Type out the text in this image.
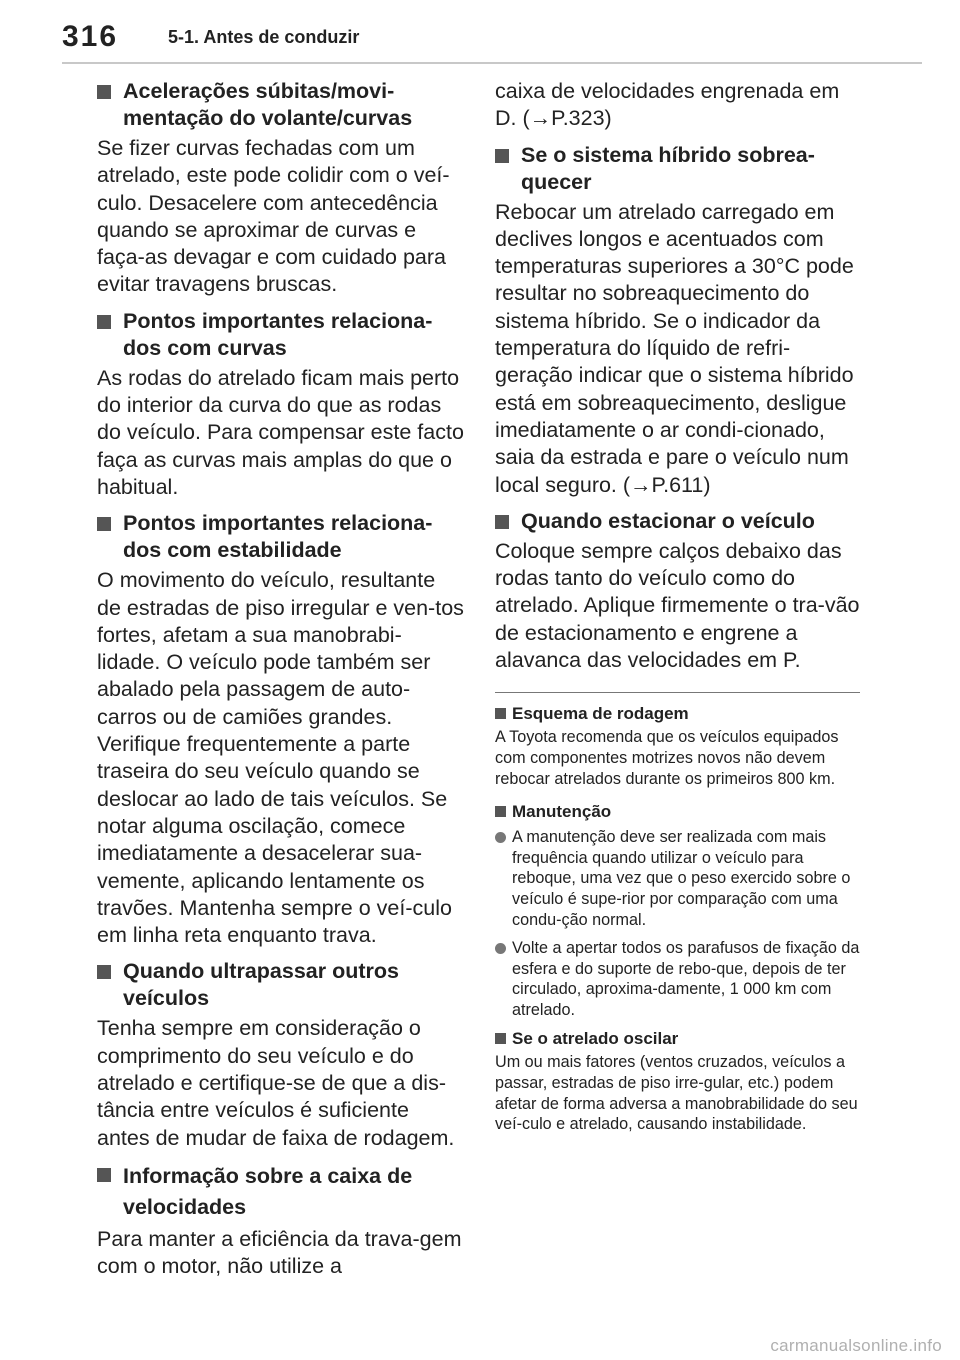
316	5-1. Antes de conduzir
Acelerações súbitas/movi-mentação do volante/curvas
Se fizer curvas fechadas com um atrelado, este pode colidir com o veí-culo. Desacelere com antecedência quando se aproximar de curvas e faça-as devagar e com cuidado para evitar travagens bruscas.
Pontos importantes relaciona-dos com curvas
As rodas do atrelado ficam mais perto do interior da curva do que as rodas do veículo. Para compensar este facto faça as curvas mais amplas do que o habitual.
Pontos importantes relaciona-dos com estabilidade
O movimento do veículo, resultante de estradas de piso irregular e ven-tos fortes, afetam a sua manobrabi-lidade. O veículo pode também ser abalado pela passagem de auto-carros ou de camiões grandes. Verifique frequentemente a parte traseira do seu veículo quando se deslocar ao lado de tais veículos. Se notar alguma oscilação, comece imediatamente a desacelerar sua-vemente, aplicando lentamente os travões. Mantenha sempre o veí-culo em linha reta enquanto trava.
Quando ultrapassar outros veículos
Tenha sempre em consideração o comprimento do seu veículo e do atrelado e certifique-se de que a dis-tância entre veículos é suficiente antes de mudar de faixa de rodagem.
Informação sobre a caixa de velocidades
Para manter a eficiência da trava-gem com o motor, não utilize a
caixa de velocidades engrenada em D. (→P.323)
Se o sistema híbrido sobrea-quecer
Rebocar um atrelado carregado em declives longos e acentuados com temperaturas superiores a 30°C pode resultar no sobreaquecimento do sistema híbrido. Se o indicador da temperatura do líquido de refri-geração indicar que o sistema híbrido está em sobreaquecimento, desligue imediatamente o ar condi-cionado, saia da estrada e pare o veículo num local seguro. (→P.611)
Quando estacionar o veículo
Coloque sempre calços debaixo das rodas tanto do veículo como do atrelado. Aplique firmemente o tra-vão de estacionamento e engrene a alavanca das velocidades em P.
Esquema de rodagem
A Toyota recomenda que os veículos equipados com componentes motrizes novos não devem rebocar atrelados durante os primeiros 800 km.
Manutenção
A manutenção deve ser realizada com mais frequência quando utilizar o veículo para reboque, uma vez que o peso exercido sobre o veículo é supe-rior por comparação com uma condu-ção normal.
Volte a apertar todos os parafusos de fixação da esfera e do suporte de rebo-que, depois de ter circulado, aproxima-damente, 1 000 km com atrelado.
Se o atrelado oscilar
Um ou mais fatores (ventos cruzados, veículos a passar, estradas de piso irre-gular, etc.) podem afetar de forma adversa a manobrabilidade do seu veí-culo e atrelado, causando instabilidade.
carmanualsonline.info
